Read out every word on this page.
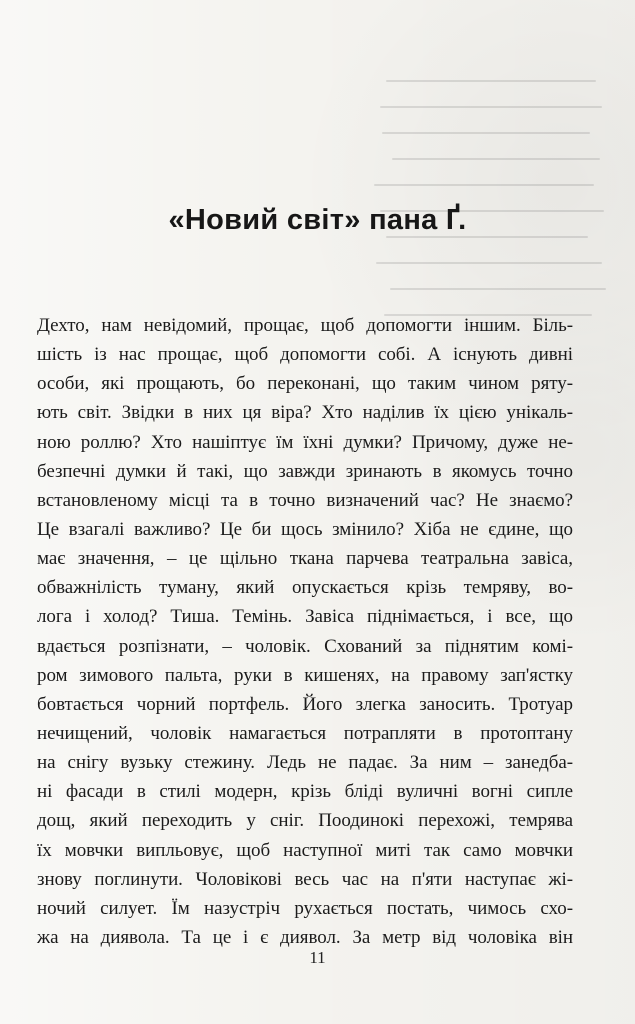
«Новий світ» пана Ґ.
Дехто, нам невідомий, прощає, щоб допомогти іншим. Біль-
шість із нас прощає, щоб допомогти собі. А існують дивні
особи, які прощають, бо переконані, що таким чином ряту-
ють світ. Звідки в них ця віра? Хто наділив їх цією унікаль-
ною роллю? Хто нашіптує їм їхні думки? Причому, дуже не-
безпечні думки й такі, що завжди зринають в якомусь точно
встановленому місці та в точно визначений час? Не знаємо?
Це взагалі важливо? Це би щось змінило? Хіба не єдине, що
має значення, – це щільно ткана парчева театральна завіса,
обважнілість туману, який опускається крізь темряву, во-
лога і холод? Тиша. Темінь. Завіса піднімається, і все, що
вдається розпізнати, – чоловік. Схований за піднятим комі-
ром зимового пальта, руки в кишенях, на правому зап'ястку
бовтається чорний портфель. Його злегка заносить. Тротуар
нечищений, чоловік намагається потрапляти в протоптану
на снігу вузьку стежину. Ледь не падає. За ним – занедба-
ні фасади в стилі модерн, крізь бліді вуличні вогні сипле
дощ, який переходить у сніг. Поодинокі перехожі, темрява
їх мовчки випльовує, щоб наступної миті так само мовчки
знову поглинути. Чоловікові весь час на п'яти наступає жі-
ночий силует. Їм назустріч рухається постать, чимось схо-
жа на диявола. Та це і є диявол. За метр від чоловіка він
11
